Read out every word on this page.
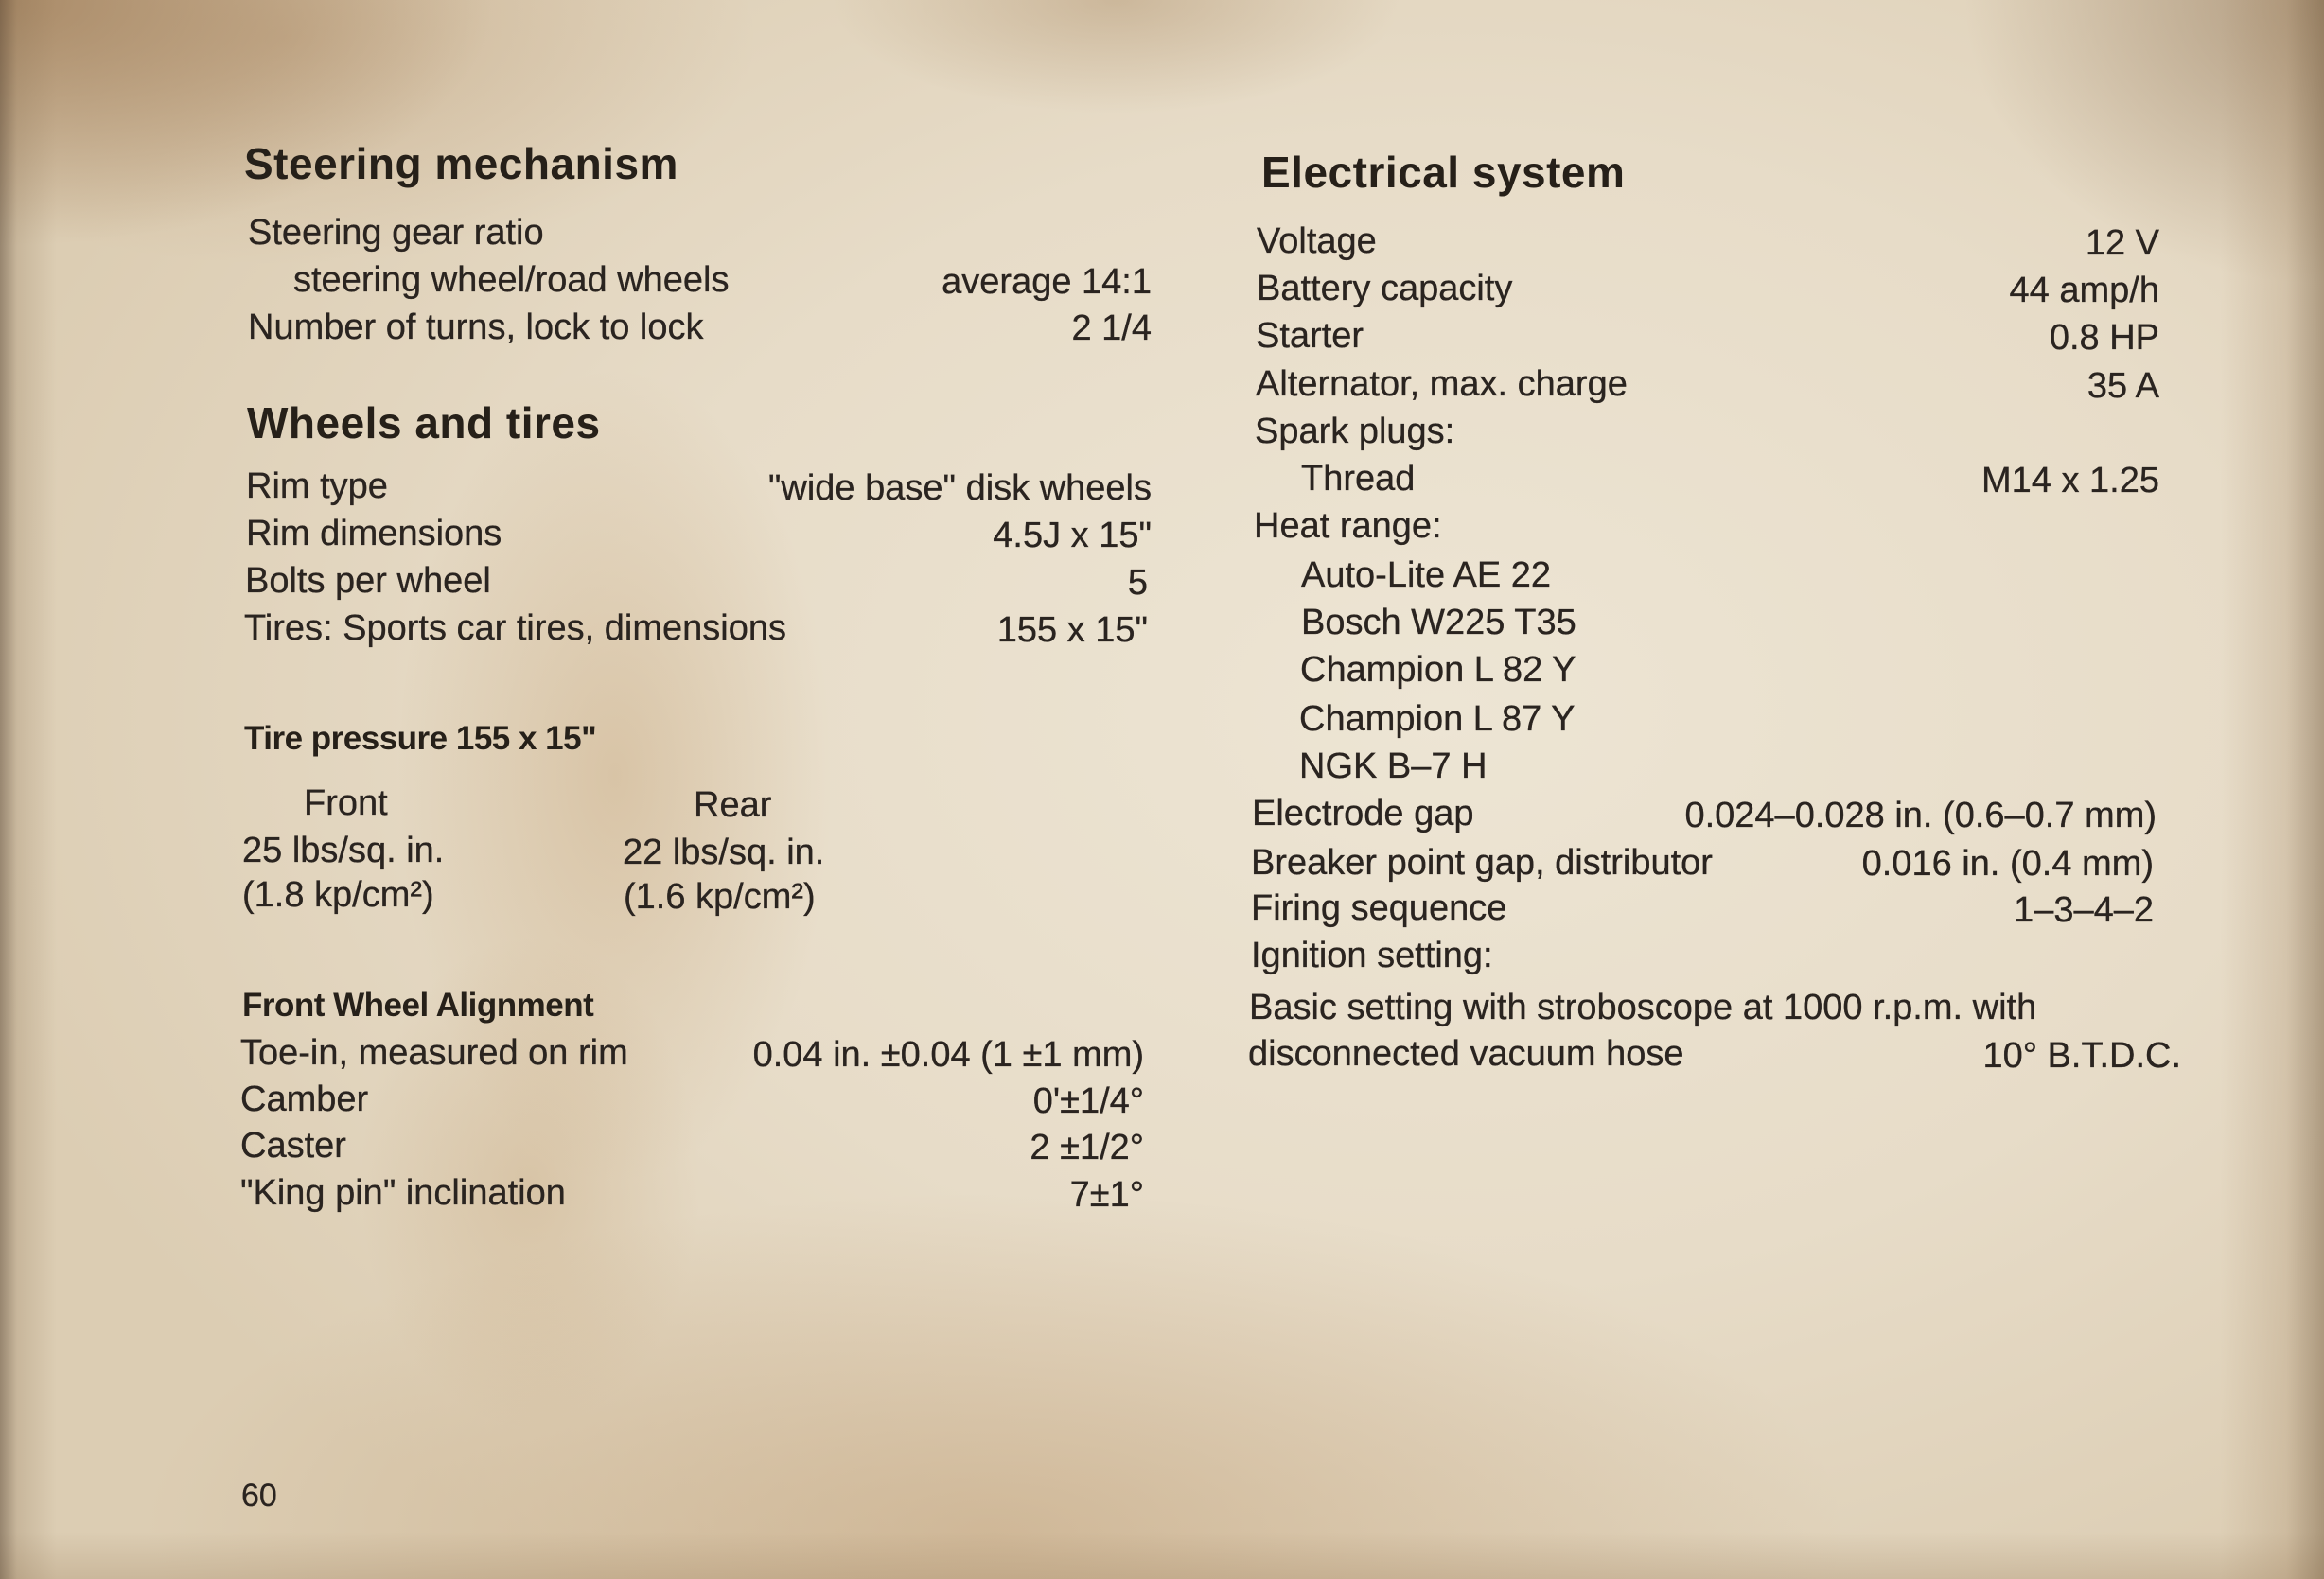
Steering mechanism
Steering gear ratio
steering wheel/road wheels	average 14:1
Number of turns, lock to lock	2 1/4
Wheels and tires
Rim type	"wide base" disk wheels
Rim dimensions	4.5J x 15"
Bolts per wheel	5
Tires: Sports car tires, dimensions	155 x 15"
Tire pressure 155 x 15"
Front	Rear
25 lbs/sq. in.	22 lbs/sq. in.
(1.8 kp/cm²)	(1.6 kp/cm²)
Front Wheel Alignment
Toe-in, measured on rim	0.04 in. ±0.04 (1 ±1 mm)
Camber	0'±1/4°
Caster	2 ±1/2°
"King pin" inclination	7±1°
60
Electrical system
Voltage	12 V
Battery capacity	44 amp/h
Starter	0.8 HP
Alternator, max. charge	35 A
Spark plugs:
Thread	M14 x 1.25
Heat range:
Auto-Lite AE 22
Bosch W225 T35
Champion L 82 Y
Champion L 87 Y
NGK B–7 H
Electrode gap	0.024–0.028 in. (0.6–0.7 mm)
Breaker point gap, distributor	0.016 in. (0.4 mm)
Firing sequence	1–3–4–2
Ignition setting:
Basic setting with stroboscope at 1000 r.p.m. with
disconnected vacuum hose	10° B.T.D.C.
